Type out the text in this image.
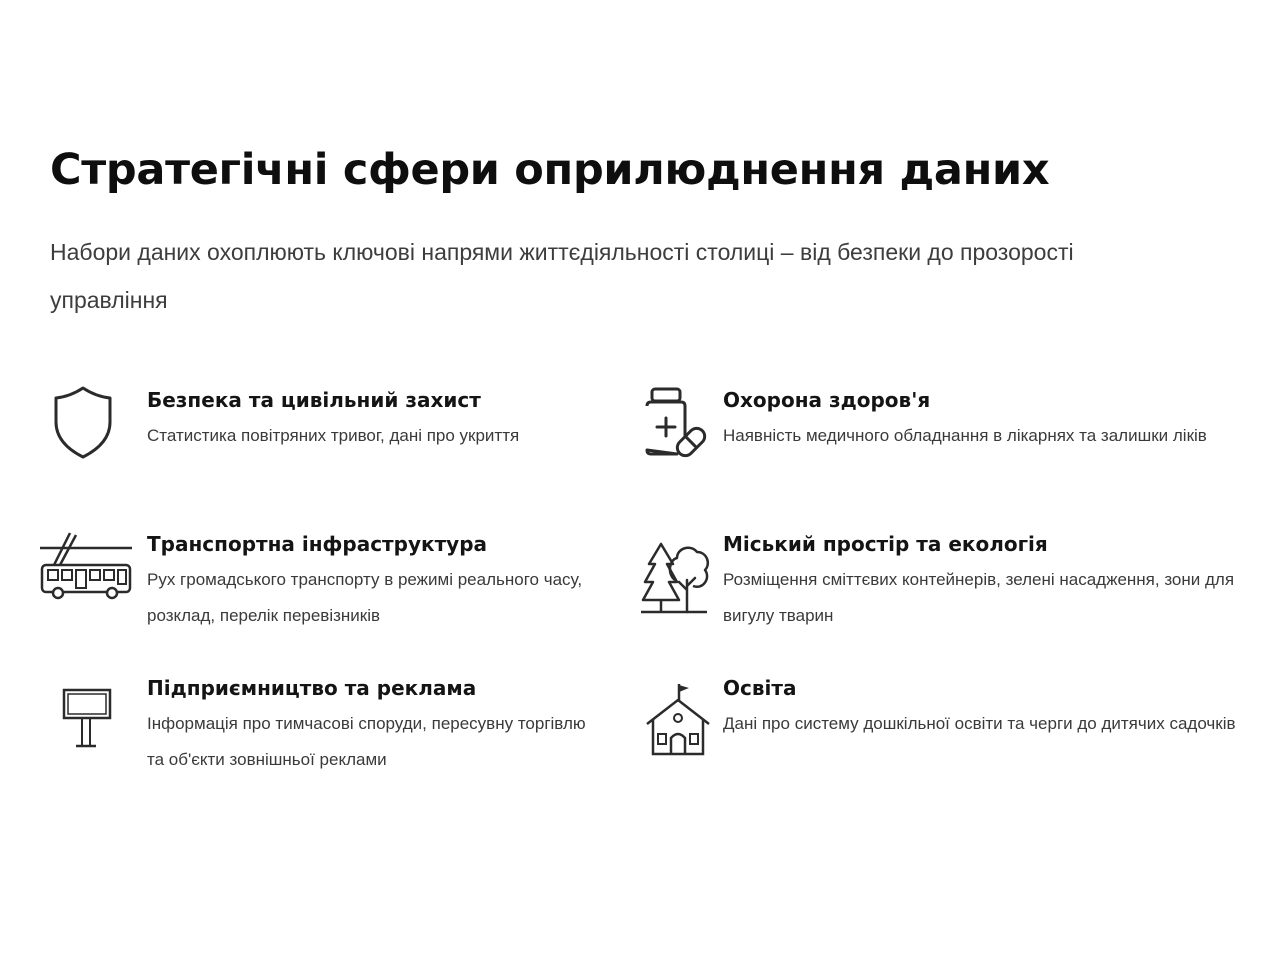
Стратегічні сфери оприлюднення даних

Набори даних охоплюють ключові напрями життєдіяльності столиці – від безпеки до прозорості управління

Безпека та цивільний захист

Статистика повітряних тривог, дані про укриття

Охорона здоров'я

Наявність медичного обладнання в лікарнях та залишки ліків

Транспортна інфраструктура

Рух громадського транспорту в режимі реального часу, розклад, перелік перевізників

Міський простір та екологія

Розміщення сміттєвих контейнерів, зелені насадження, зони для вигулу тварин

Підприємництво та реклама

Інформація про тимчасові споруди, пересувну торгівлю та об'єкти зовнішньої реклами

Освіта

Дані про систему дошкільної освіти та черги до дитячих садочків
